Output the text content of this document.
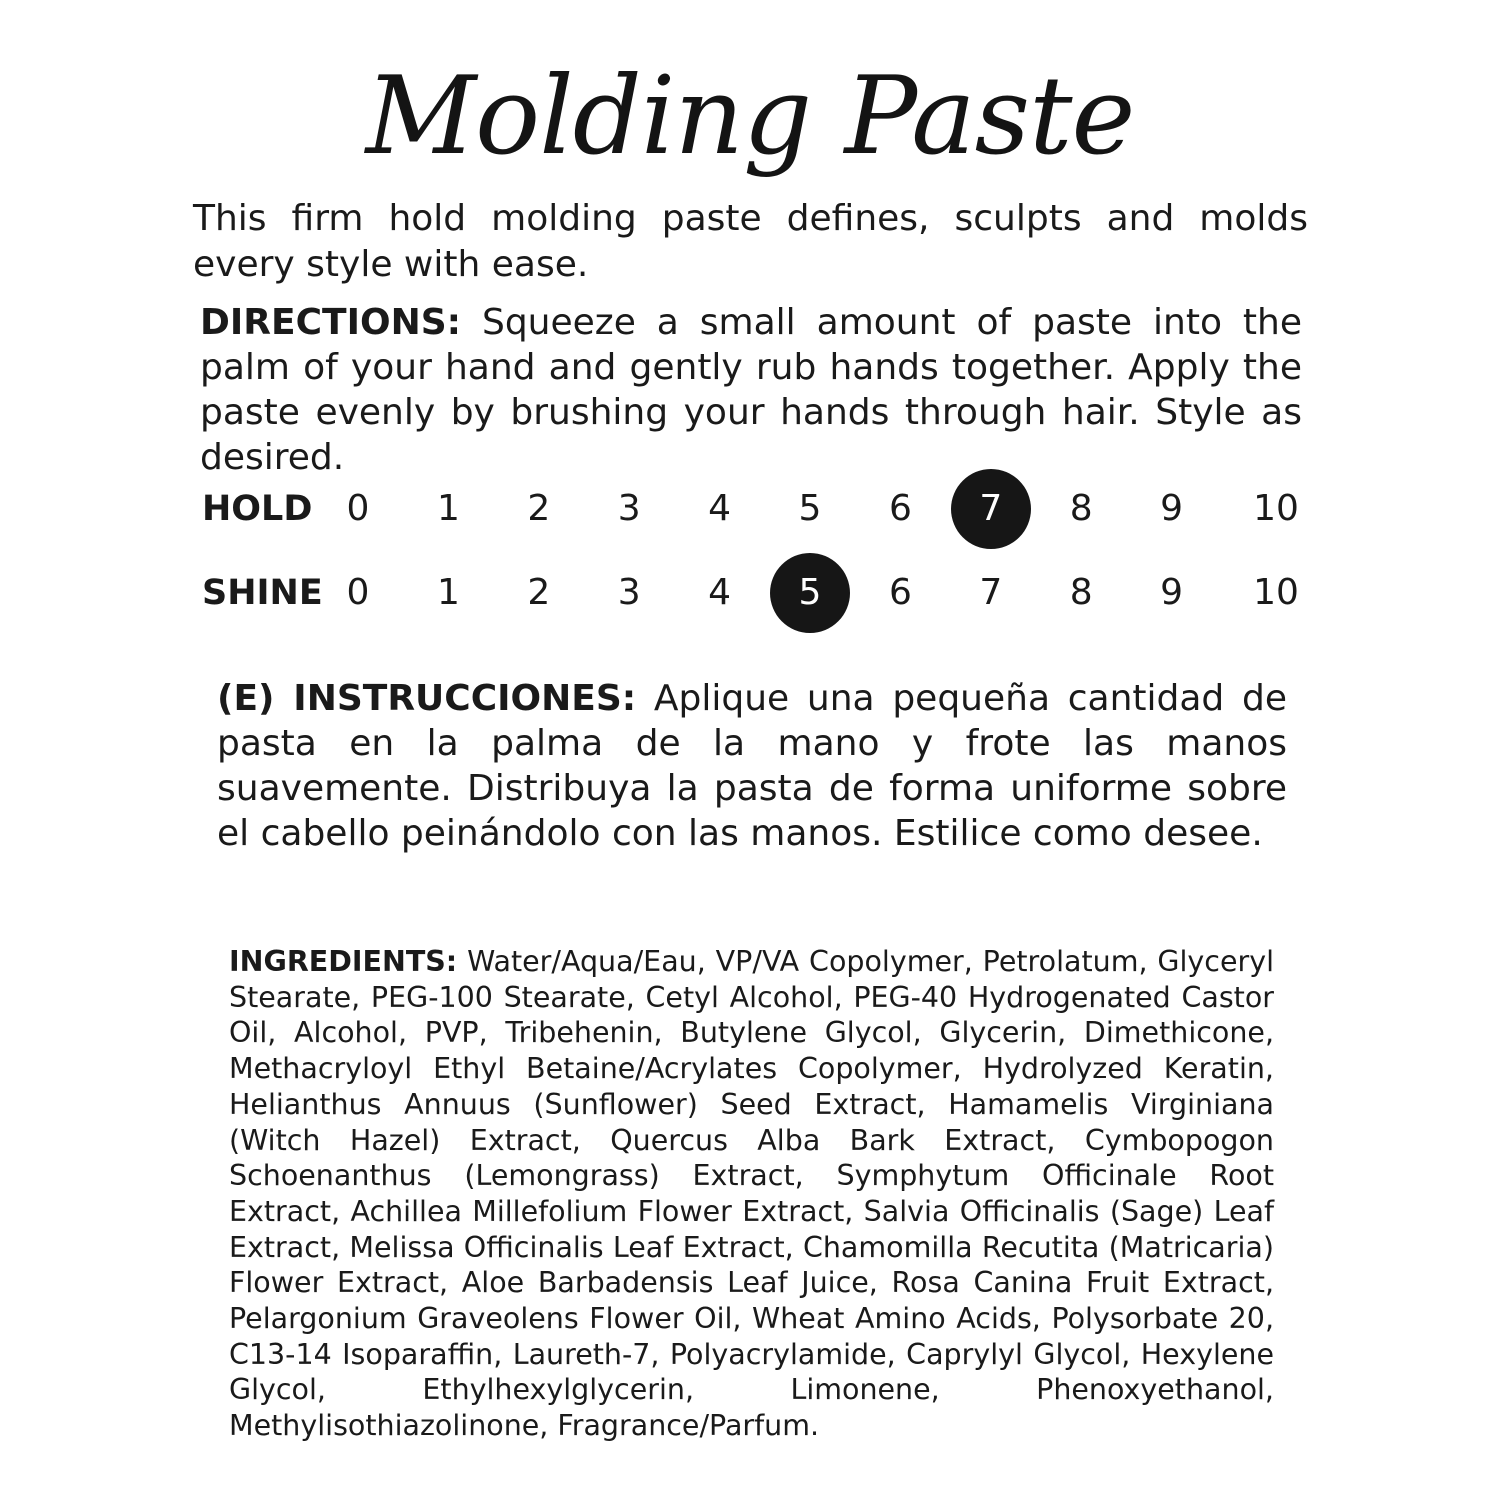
Molding Paste
This firm hold molding paste defines, sculpts and molds every style with ease.
DIRECTIONS: Squeeze a small amount of paste into the palm of your hand and gently rub hands together. Apply the paste evenly by brushing your hands through hair. Style as desired.
HOLD 0	1	2	3	4	5	6	7	8	9	10
SHINE 0	1	2	3	4	5	6	7	8	9	10
(E) INSTRUCCIONES: Aplique una pequeña cantidad de pasta en la palma de la mano y frote las manos suavemente. Distribuya la pasta de forma uniforme sobre el cabello peinándolo con las manos. Estilice como desee.
INGREDIENTS: Water/Aqua/Eau, VP/VA Copolymer, Petrolatum, Glyceryl Stearate, PEG-100 Stearate, Cetyl Alcohol, PEG-40 Hydrogenated Castor Oil, Alcohol, PVP, Tribehenin, Butylene Glycol, Glycerin, Dimethicone, Methacryloyl Ethyl Betaine/Acrylates Copolymer, Hydrolyzed Keratin, Helianthus Annuus (Sunflower) Seed Extract, Hamamelis Virginiana (Witch Hazel) Extract, Quercus Alba Bark Extract, Cymbopogon Schoenanthus (Lemongrass) Extract, Symphytum Officinale Root Extract, Achillea Millefolium Flower Extract, Salvia Officinalis (Sage) Leaf Extract, Melissa Officinalis Leaf Extract, Chamomilla Recutita (Matricaria) Flower Extract, Aloe Barbadensis Leaf Juice, Rosa Canina Fruit Extract, Pelargonium Graveolens Flower Oil, Wheat Amino Acids, Polysorbate 20, C13-14 Isoparaffin, Laureth-7, Polyacrylamide, Caprylyl Glycol, Hexylene Glycol, Ethylhexylglycerin, Limonene, Phenoxyethanol, Methylisothiazolinone, Fragrance/Parfum.
